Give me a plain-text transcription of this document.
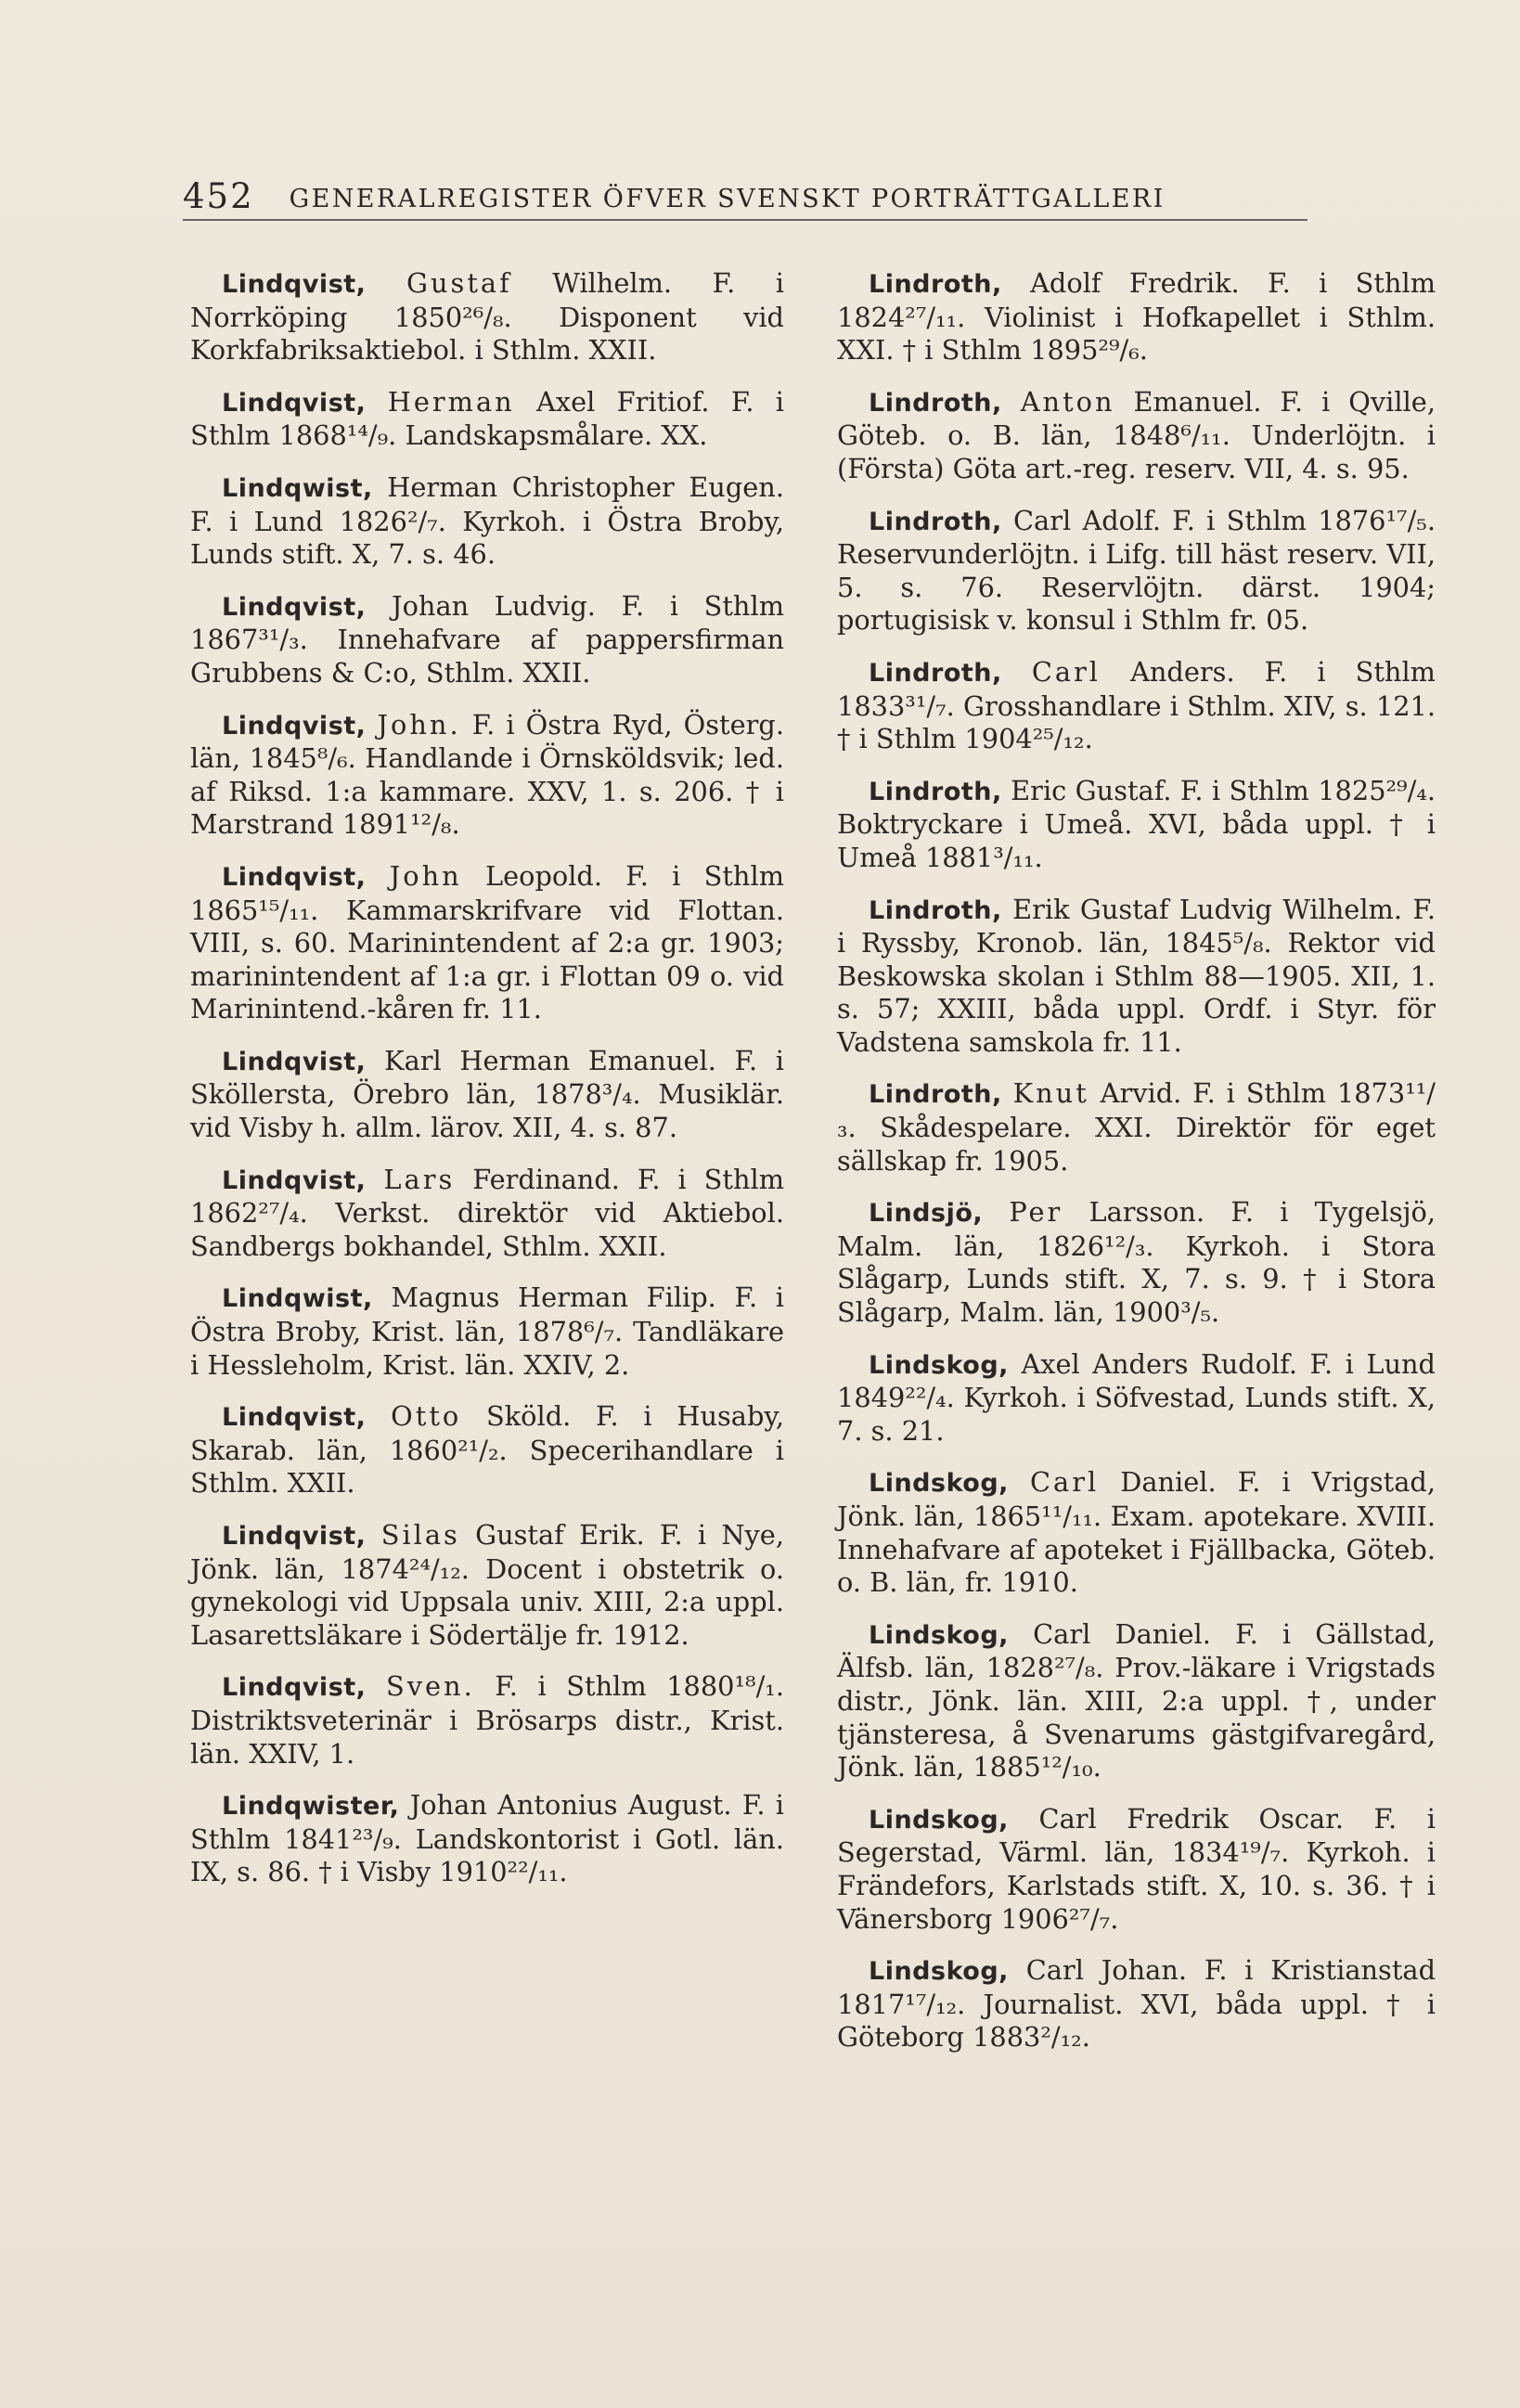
452 GENERALREGISTER ÖFVER SVENSKT PORTRÄTTGALLERI

Lindqvist, Gustaf Wilhelm. F. i Norrköping 1850²⁶/₈. Disponent vid Korkfabriksaktiebol. i Sthlm. XXII.

Lindqvist, Herman Axel Fritiof. F. i Sthlm 1868¹⁴/₉. Landskapsmålare. XX.

Lindqwist, Herman Christopher Eugen. F. i Lund 1826²/₇. Kyrkoh. i Östra Broby, Lunds stift. X, 7. s. 46.

Lindqvist, Johan Ludvig. F. i Sthlm 1867³¹/₃. Innehafvare af pappersfirman Grubbens & C:o, Sthlm. XXII.

Lindqvist, John. F. i Östra Ryd, Österg. län, 1845⁸/₆. Handlande i Örnsköldsvik; led. af Riksd. 1:a kammare. XXV, 1. s. 206. † i Marstrand 1891¹²/₈.

Lindqvist, John Leopold. F. i Sthlm 1865¹⁵/₁₁. Kammarskrifvare vid Flottan. VIII, s. 60. Marinintendent af 2:a gr. 1903; marinintendent af 1:a gr. i Flottan 09 o. vid Marinintend.-kåren fr. 11.

Lindqvist, Karl Herman Emanuel. F. i Sköllersta, Örebro län, 1878³/₄. Musiklär. vid Visby h. allm. lärov. XII, 4. s. 87.

Lindqvist, Lars Ferdinand. F. i Sthlm 1862²⁷/₄. Verkst. direktör vid Aktiebol. Sandbergs bokhandel, Sthlm. XXII.

Lindqwist, Magnus Herman Filip. F. i Östra Broby, Krist. län, 1878⁶/₇. Tandläkare i Hessleholm, Krist. län. XXIV, 2.

Lindqvist, Otto Sköld. F. i Husaby, Skarab. län, 1860²¹/₂. Specerihandlare i Sthlm. XXII.

Lindqvist, Silas Gustaf Erik. F. i Nye, Jönk. län, 1874²⁴/₁₂. Docent i obstetrik o. gynekologi vid Uppsala univ. XIII, 2:a uppl. Lasarettsläkare i Södertälje fr. 1912.

Lindqvist, Sven. F. i Sthlm 1880¹⁸/₁. Distriktsveterinär i Brösarps distr., Krist. län. XXIV, 1.

Lindqwister, Johan Antonius August. F. i Sthlm 1841²³/₉. Landskontorist i Gotl. län. IX, s. 86. † i Visby 1910²²/₁₁.

Lindroth, Adolf Fredrik. F. i Sthlm 1824²⁷/₁₁. Violinist i Hofkapellet i Sthlm. XXI. † i Sthlm 1895²⁹/₆.

Lindroth, Anton Emanuel. F. i Qville, Göteb. o. B. län, 1848⁶/₁₁. Underlöjtn. i (Första) Göta art.-reg. reserv. VII, 4. s. 95.

Lindroth, Carl Adolf. F. i Sthlm 1876¹⁷/₅. Reservunderlöjtn. i Lifg. till häst reserv. VII, 5. s. 76. Reservlöjtn. därst. 1904; portugisisk v. konsul i Sthlm fr. 05.

Lindroth, Carl Anders. F. i Sthlm 1833³¹/₇. Grosshandlare i Sthlm. XIV, s. 121. † i Sthlm 1904²⁵/₁₂.

Lindroth, Eric Gustaf. F. i Sthlm 1825²⁹/₄. Boktryckare i Umeå. XVI, båda uppl. † i Umeå 1881³/₁₁.

Lindroth, Erik Gustaf Ludvig Wilhelm. F. i Ryssby, Kronob. län, 1845⁵/₈. Rektor vid Beskowska skolan i Sthlm 88—1905. XII, 1. s. 57; XXIII, båda uppl. Ordf. i Styr. för Vadstena samskola fr. 11.

Lindroth, Knut Arvid. F. i Sthlm 1873¹¹/₃. Skådespelare. XXI. Direktör för eget sällskap fr. 1905.

Lindsjö, Per Larsson. F. i Tygelsjö, Malm. län, 1826¹²/₃. Kyrkoh. i Stora Slågarp, Lunds stift. X, 7. s. 9. † i Stora Slågarp, Malm. län, 1900³/₅.

Lindskog, Axel Anders Rudolf. F. i Lund 1849²²/₄. Kyrkoh. i Söfvestad, Lunds stift. X, 7. s. 21.

Lindskog, Carl Daniel. F. i Vrigstad, Jönk. län, 1865¹¹/₁₁. Exam. apotekare. XVIII. Innehafvare af apoteket i Fjällbacka, Göteb. o. B. län, fr. 1910.

Lindskog, Carl Daniel. F. i Gällstad, Älfsb. län, 1828²⁷/₈. Prov.-läkare i Vrigstads distr., Jönk. län. XIII, 2:a uppl. †, under tjänsteresa, å Svenarums gästgifvaregård, Jönk. län, 1885¹²/₁₀.

Lindskog, Carl Fredrik Oscar. F. i Segerstad, Värml. län, 1834¹⁹/₇. Kyrkoh. i Frändefors, Karlstads stift. X, 10. s. 36. † i Vänersborg 1906²⁷/₇.

Lindskog, Carl Johan. F. i Kristianstad 1817¹⁷/₁₂. Journalist. XVI, båda uppl. † i Göteborg 1883²/₁₂.
